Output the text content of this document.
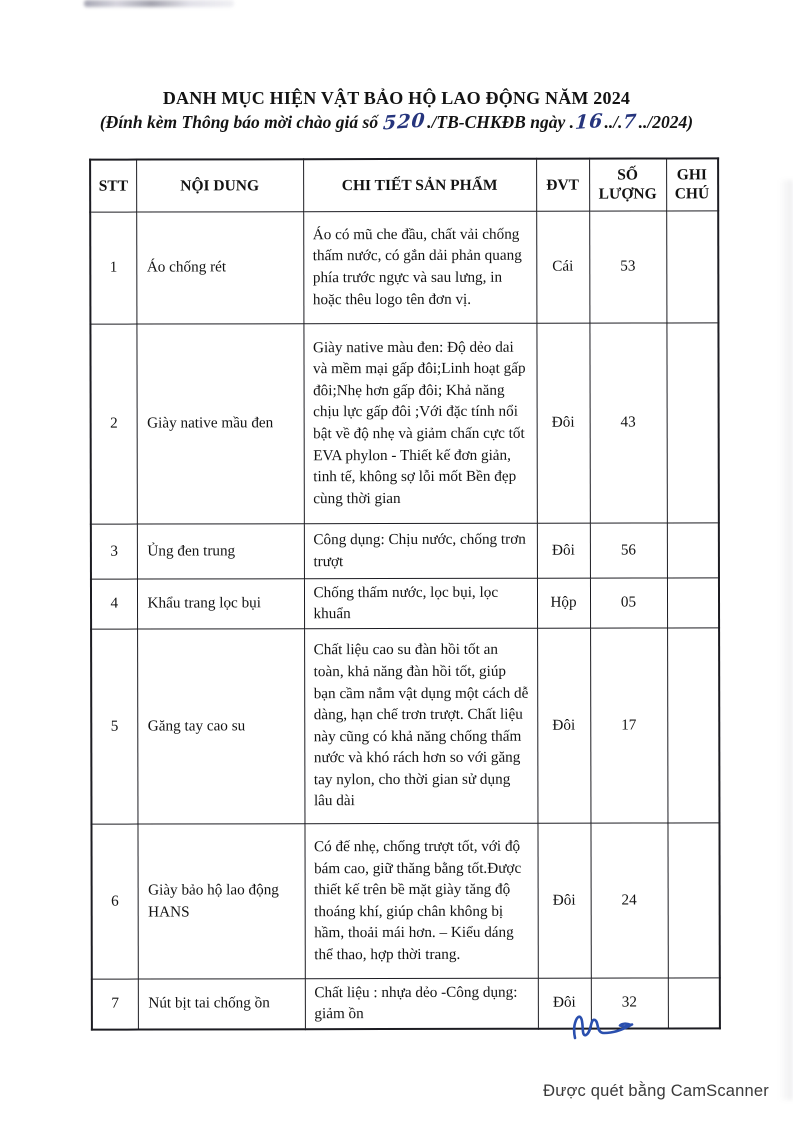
DANH MỤC HIỆN VẬT BẢO HỘ LAO ĐỘNG NĂM 2024
(Đính kèm Thông báo mời chào giá số 520./TB-CHKĐB ngày .16../.7../2024)
STT	NỘI DUNG	CHI TIẾT SẢN PHẨM	ĐVT	SỐ LƯỢNG	GHI CHÚ
1	Áo chống rét	Áo có mũ che đầu, chất vải chống thấm nước, có gắn dải phản quang phía trước ngực và sau lưng, in hoặc thêu logo tên đơn vị.	Cái	53	
2	Giày native mầu đen	Giày native màu đen: Độ dẻo dai và mềm mại gấp đôi;Linh hoạt gấp đôi;Nhẹ hơn gấp đôi; Khả năng chịu lực gấp đôi ;Với đặc tính nổi bật về độ nhẹ và giảm chấn cực tốt EVA phylon - Thiết kế đơn giản, tinh tế, không sợ lỗi mốt Bền đẹp cùng thời gian	Đôi	43	
3	Ủng đen trung	Công dụng: Chịu nước, chống trơn trượt	Đôi	56	
4	Khẩu trang lọc bụi	Chống thấm nước, lọc bụi, lọc khuẩn	Hộp	05	
5	Găng tay cao su	Chất liệu cao su đàn hồi tốt an toàn, khả năng đàn hồi tốt, giúp bạn cầm nắm vật dụng một cách dễ dàng, hạn chế trơn trượt. Chất liệu này cũng có khả năng chống thấm nước và khó rách hơn so với găng tay nylon, cho thời gian sử dụng lâu dài	Đôi	17	
6	Giày bảo hộ lao động HANS	Có đế nhẹ, chống trượt tốt, với độ bám cao, giữ thăng bằng tốt.Được thiết kế trên bề mặt giày tăng độ thoáng khí, giúp chân không bị hầm, thoải mái hơn. – Kiểu dáng thể thao, hợp thời trang.	Đôi	24	
7	Nút bịt tai chống ồn	Chất liệu : nhựa dẻo -Công dụng: giảm ồn	Đôi	32	
Được quét bằng CamScanner
